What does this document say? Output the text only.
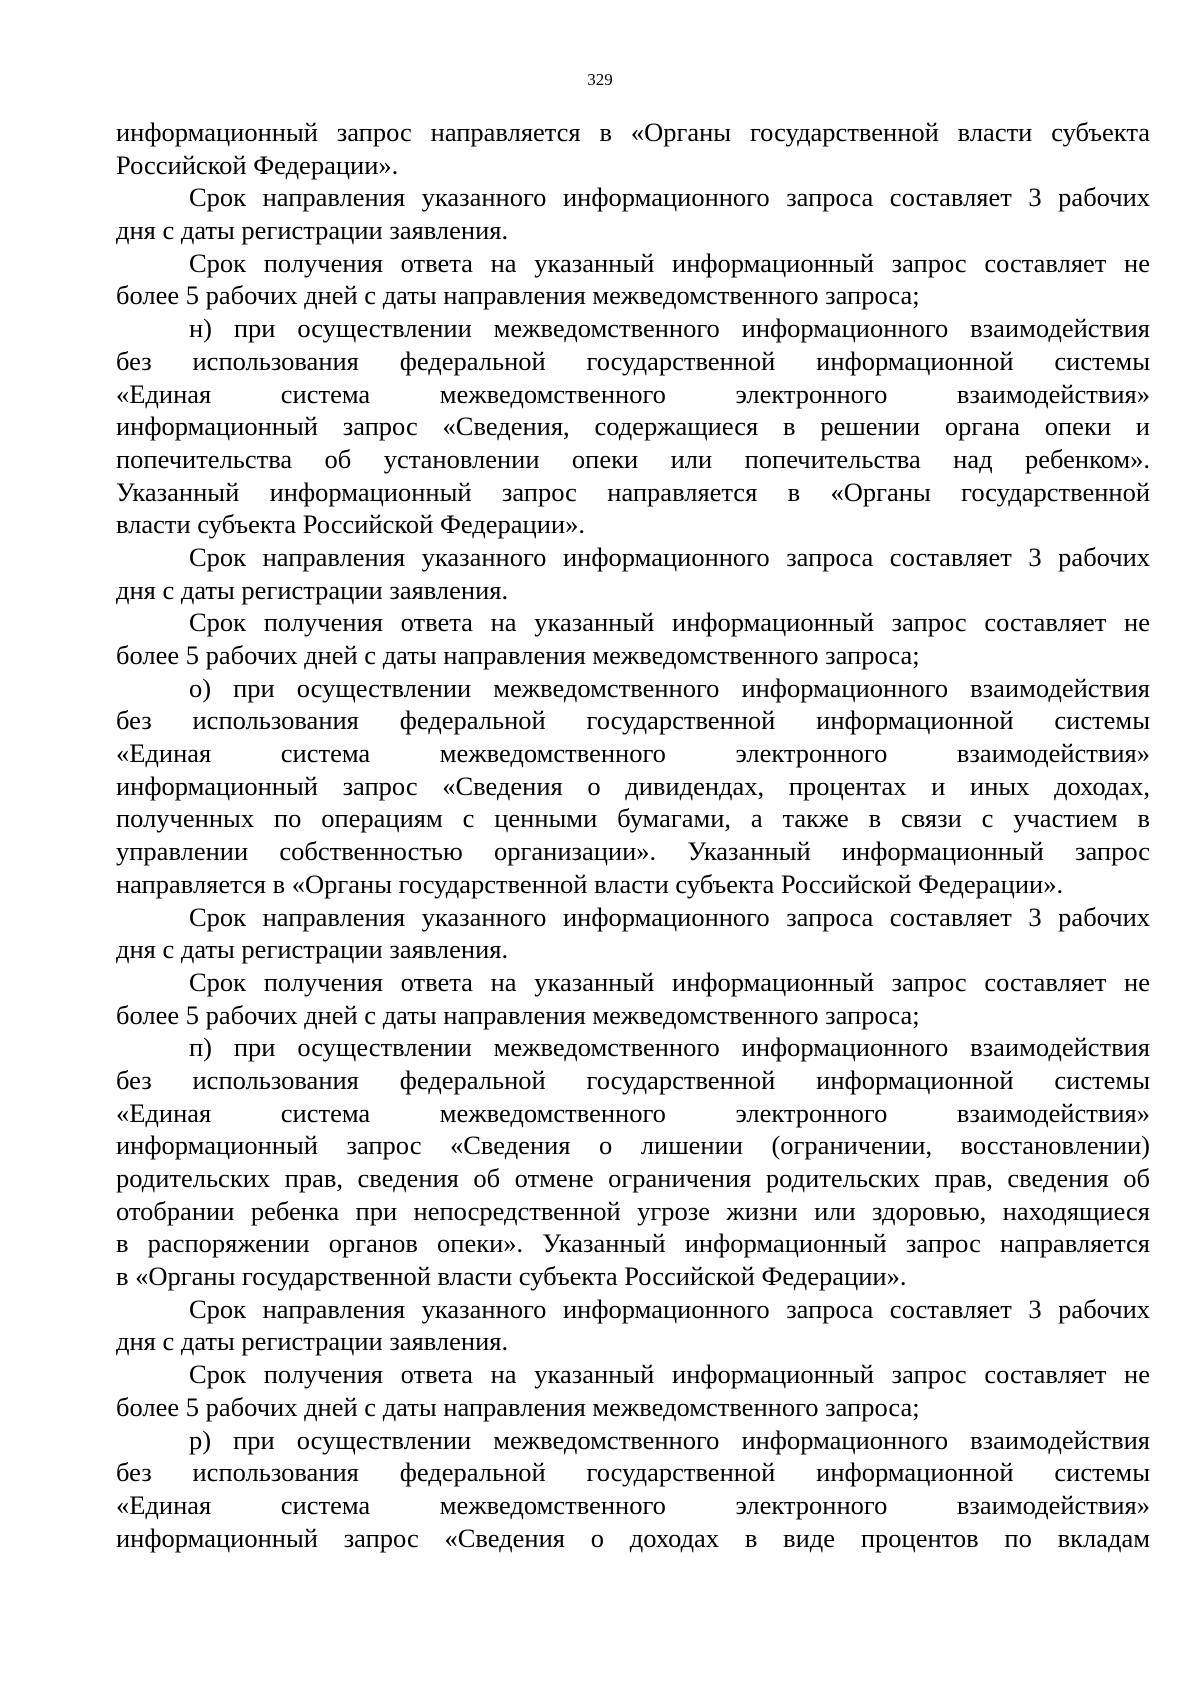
329
информационный запрос направляется в «Органы государственной власти субъекта
Российской Федерации».
Срок направления указанного информационного запроса составляет 3 рабочих
дня с даты регистрации заявления.
Срок получения ответа на указанный информационный запрос составляет не
более 5 рабочих дней с даты направления межведомственного запроса;
н) при осуществлении межведомственного информационного взаимодействия
без использования федеральной государственной информационной системы
«Единая система межведомственного электронного взаимодействия»
информационный запрос «Сведения, содержащиеся в решении органа опеки и
попечительства об установлении опеки или попечительства над ребенком».
Указанный информационный запрос направляется в «Органы государственной
власти субъекта Российской Федерации».
Срок направления указанного информационного запроса составляет 3 рабочих
дня с даты регистрации заявления.
Срок получения ответа на указанный информационный запрос составляет не
более 5 рабочих дней с даты направления межведомственного запроса;
о) при осуществлении межведомственного информационного взаимодействия
без использования федеральной государственной информационной системы
«Единая система межведомственного электронного взаимодействия»
информационный запрос «Сведения о дивидендах, процентах и иных доходах,
полученных по операциям с ценными бумагами, а также в связи с участием в
управлении собственностью организации». Указанный информационный запрос
направляется в «Органы государственной власти субъекта Российской Федерации».
Срок направления указанного информационного запроса составляет 3 рабочих
дня с даты регистрации заявления.
Срок получения ответа на указанный информационный запрос составляет не
более 5 рабочих дней с даты направления межведомственного запроса;
п) при осуществлении межведомственного информационного взаимодействия
без использования федеральной государственной информационной системы
«Единая система межведомственного электронного взаимодействия»
информационный запрос «Сведения о лишении (ограничении, восстановлении)
родительских прав, сведения об отмене ограничения родительских прав, сведения об
отобрании ребенка при непосредственной угрозе жизни или здоровью, находящиеся
в распоряжении органов опеки». Указанный информационный запрос направляется
в «Органы государственной власти субъекта Российской Федерации».
Срок направления указанного информационного запроса составляет 3 рабочих
дня с даты регистрации заявления.
Срок получения ответа на указанный информационный запрос составляет не
более 5 рабочих дней с даты направления межведомственного запроса;
р) при осуществлении межведомственного информационного взаимодействия
без использования федеральной государственной информационной системы
«Единая система межведомственного электронного взаимодействия»
информационный запрос «Сведения о доходах в виде процентов по вкладам
